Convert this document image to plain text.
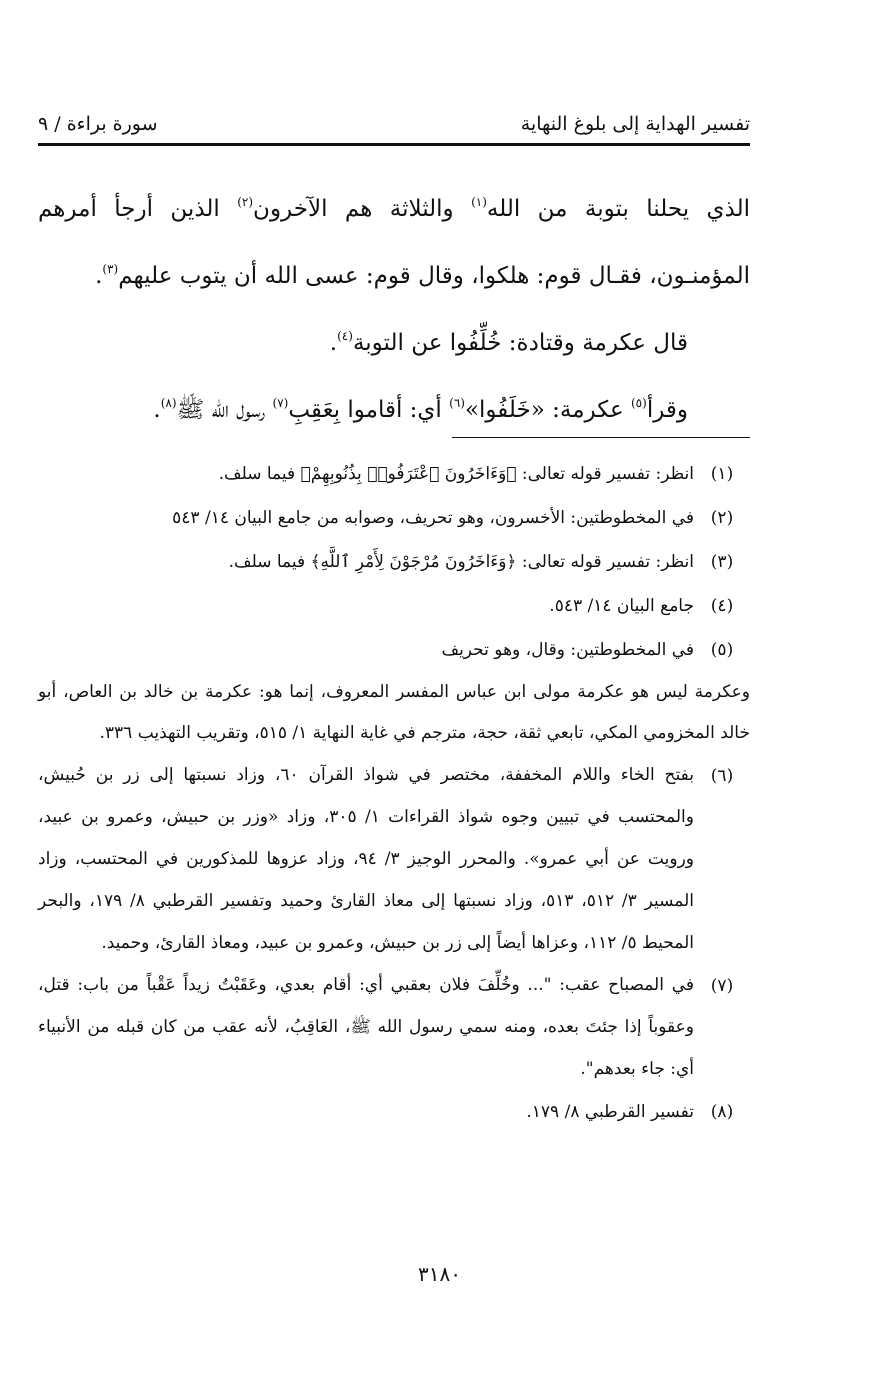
تفسير الهداية إلى بلوغ النهاية
سورة براءة / ٩

الذي يحلنا بتوبة من الله$^{(١)}$ والثلاثة هم الآخرون$^{(٢)}$ الذين أرجأ أمرهم المؤمنـون، فقـال قوم: هلكوا، وقال قوم: عسى الله أن يتوب عليهم$^{(٣)}$.

قال عكرمة وقتادة: خُلِّفُوا عن التوبة$^{(٤)}$.

وقرأ$^{(٥)}$ عكرمة: «خَلَفُوا»$^{(٦)}$ أي: أقاموا بِعَقِبِ$^{(٧)}$ رسول الله ﷺ$^{(٨)}$.

(١)
انظر: تفسير قوله تعالى: ﴿وَءَاخَرُونَ ٱعْتَرَفُوا۟ بِذُنُوبِهِمْ﴾ فيما سلف.
(٢)
في المخطوطتين: الأخسرون، وهو تحريف، وصوابه من جامع البيان ١٤/ ٥٤٣
(٣)
انظر: تفسير قوله تعالى: ﴿وَءَاخَرُونَ مُرْجَوْنَ لِأَمْرِ ٱللَّهِ﴾ فيما سلف.
(٤)
جامع البيان ١٤/ ٥٤٣.
(٥)
في المخطوطتين: وقال، وهو تحريف

وعكرمة ليس هو عكرمة مولى ابن عباس المفسر المعروف، إنما هو: عكرمة بن خالد بن العاص، أبو خالد المخزومي المكي، تابعي ثقة، حجة، مترجم في غاية النهاية ١/ ٥١٥، وتقريب التهذيب ٣٣٦.

(٦)
بفتح الخاء واللام المخففة، مختصر في شواذ القرآن ٦٠، وزاد نسبتها إلى زر بن حُبيش، والمحتسب في تبيين وجوه شواذ القراءات ١/ ٣٠٥، وزاد «وزر بن حبيش، وعمرو بن عبيد، ورويت عن أبي عمرو». والمحرر الوجيز ٣/ ٩٤، وزاد عزوها للمذكورين في المحتسب، وزاد المسير ٣/ ٥١٢، ٥١٣، وزاد نسبتها إلى معاذ القارئ وحميد وتفسير القرطبي ٨/ ١٧٩، والبحر المحيط ٥/ ١١٢، وعزاها أيضاً إلى زر بن حبيش، وعمرو بن عبيد، ومعاذ القارئ، وحميد.
(٧)
في المصباح عقب: "... وخُلِّفَ فلان بعقبي أي: أقام بعدي، وعَقَبْتُ زيداً عَقْباً من باب: قتل، وعقوباً إذا جئتَ بعده، ومنه سمي رسول الله ﷺ، العَاقِبُ، لأنه عقب من كان قبله من الأنبياء أي: جاء بعدهم".
(٨)
تفسير القرطبي ٨/ ١٧٩.
٣١٨٠
